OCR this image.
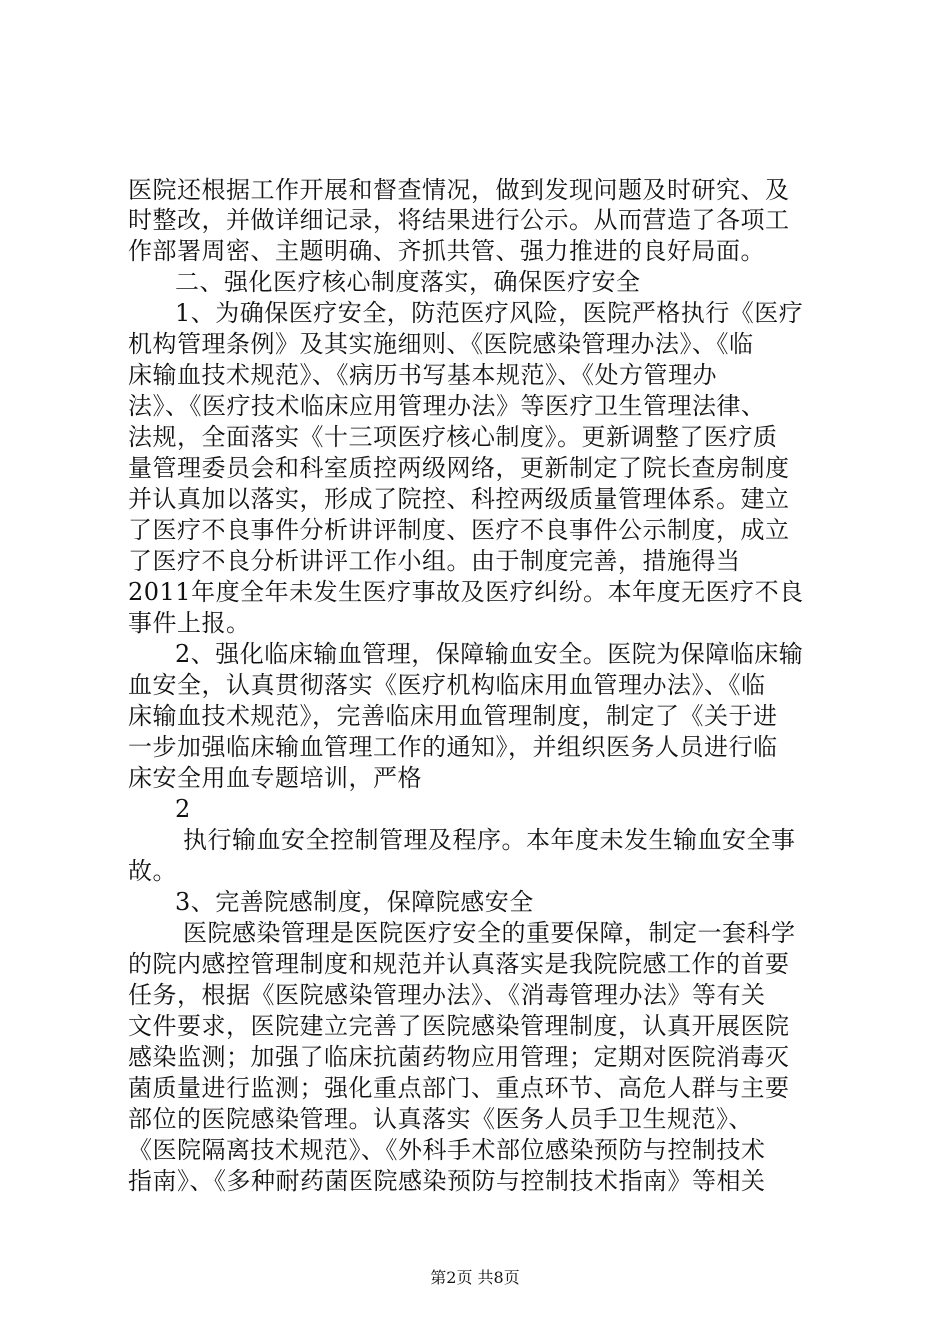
医院还根据工作开展和督查情况，做到发现问题及时研究、及
时整改，并做详细记录，将结果进行公示。从而营造了各项工
作部署周密、主题明确、齐抓共管、强力推进的良好局面。
二、强化医疗核心制度落实，确保医疗安全
1、为确保医疗安全，防范医疗风险，医院严格执行《医疗
机构管理条例》及其实施细则、《医院感染管理办法》、《临
床输血技术规范》、《病历书写基本规范》、《处方管理办
法》、《医疗技术临床应用管理办法》等医疗卫生管理法律、
法规，全面落实《十三项医疗核心制度》。更新调整了医疗质
量管理委员会和科室质控两级网络，更新制定了院长查房制度
并认真加以落实，形成了院控、科控两级质量管理体系。建立
了医疗不良事件分析讲评制度、医疗不良事件公示制度，成立
了医疗不良分析讲评工作小组。由于制度完善，措施得当
2011年度全年未发生医疗事故及医疗纠纷。本年度无医疗不良
事件上报。
2、强化临床输血管理，保障输血安全。医院为保障临床输
血安全，认真贯彻落实《医疗机构临床用血管理办法》、《临
床输血技术规范》，完善临床用血管理制度，制定了《关于进
一步加强临床输血管理工作的通知》，并组织医务人员进行临
床安全用血专题培训，严格
2
执行输血安全控制管理及程序。本年度未发生输血安全事
故。
3、完善院感制度，保障院感安全
医院感染管理是医院医疗安全的重要保障，制定一套科学
的院内感控管理制度和规范并认真落实是我院院感工作的首要
任务，根据《医院感染管理办法》、《消毒管理办法》等有关
文件要求，医院建立完善了医院感染管理制度，认真开展医院
感染监测；加强了临床抗菌药物应用管理；定期对医院消毒灭
菌质量进行监测；强化重点部门、重点环节、高危人群与主要
部位的医院感染管理。认真落实《医务人员手卫生规范》、
《医院隔离技术规范》、《外科手术部位感染预防与控制技术
指南》、《多种耐药菌医院感染预防与控制技术指南》等相关
第2页 共8页
